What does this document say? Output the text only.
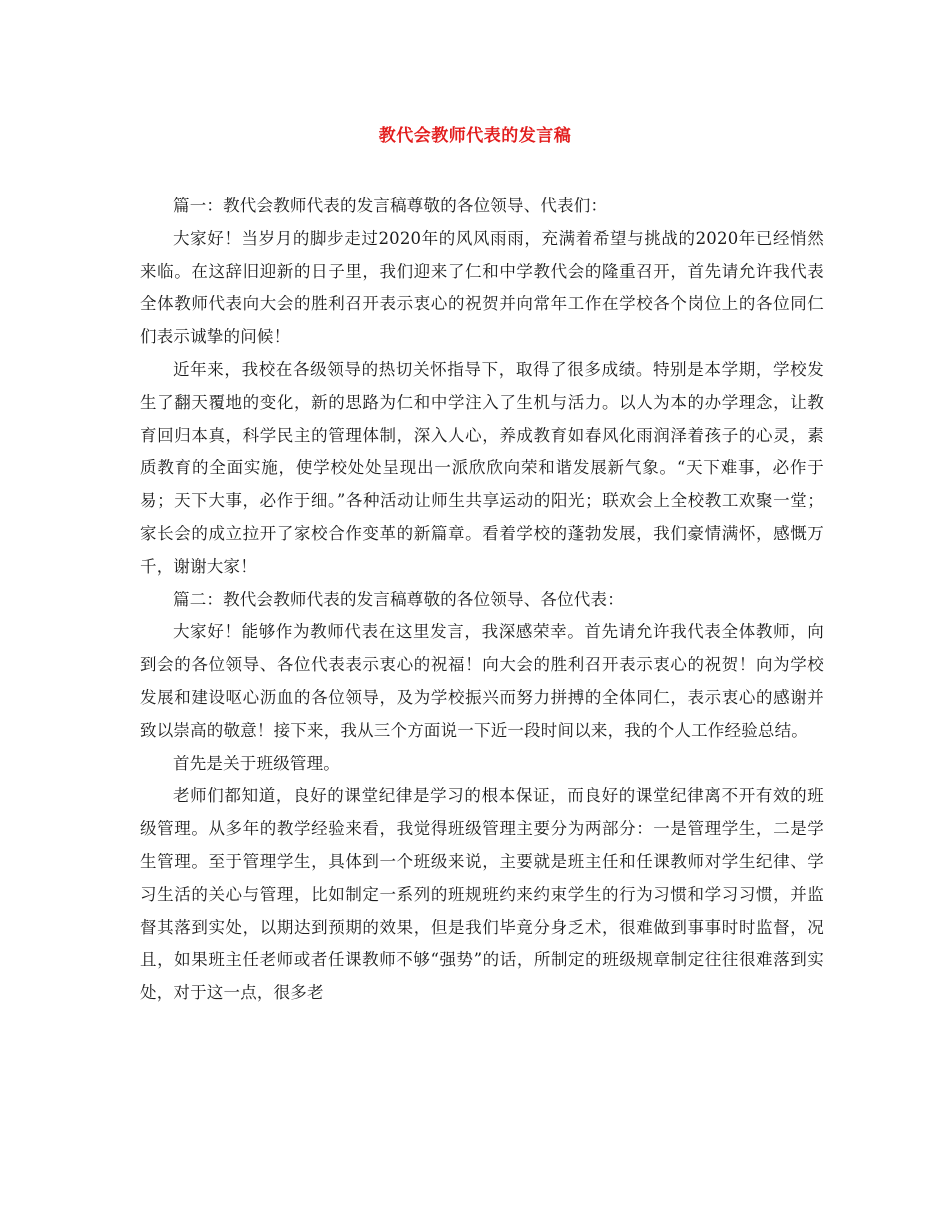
教代会教师代表的发言稿

篇一：教代会教师代表的发言稿尊敬的各位领导、代表们：

大家好！当岁月的脚步走过2020年的风风雨雨，充满着希望与挑战的2020年已经悄然来临。在这辞旧迎新的日子里，我们迎来了仁和中学教代会的隆重召开，首先请允许我代表全体教师代表向大会的胜利召开表示衷心的祝贺并向常年工作在学校各个岗位上的各位同仁们表示诚挚的问候！

近年来，我校在各级领导的热切关怀指导下，取得了很多成绩。特别是本学期，学校发生了翻天覆地的变化，新的思路为仁和中学注入了生机与活力。以人为本的办学理念，让教育回归本真，科学民主的管理体制，深入人心，养成教育如春风化雨润泽着孩子的心灵，素质教育的全面实施，使学校处处呈现出一派欣欣向荣和谐发展新气象。“天下难事，必作于易；天下大事，必作于细。”各种活动让师生共享运动的阳光；联欢会上全校教工欢聚一堂；家长会的成立拉开了家校合作变革的新篇章。看着学校的蓬勃发展，我们豪情满怀，感慨万千，谢谢大家！

篇二：教代会教师代表的发言稿尊敬的各位领导、各位代表：

大家好！能够作为教师代表在这里发言，我深感荣幸。首先请允许我代表全体教师，向到会的各位领导、各位代表表示衷心的祝福！向大会的胜利召开表示衷心的祝贺！向为学校发展和建设呕心沥血的各位领导，及为学校振兴而努力拼搏的全体同仁，表示衷心的感谢并致以崇高的敬意！接下来，我从三个方面说一下近一段时间以来，我的个人工作经验总结。

首先是关于班级管理。

老师们都知道，良好的课堂纪律是学习的根本保证，而良好的课堂纪律离不开有效的班级管理。从多年的教学经验来看，我觉得班级管理主要分为两部分：一是管理学生，二是学生管理。至于管理学生，具体到一个班级来说，主要就是班主任和任课教师对学生纪律、学习生活的关心与管理，比如制定一系列的班规班约来约束学生的行为习惯和学习习惯，并监督其落到实处，以期达到预期的效果，但是我们毕竟分身乏术，很难做到事事时时监督，况且，如果班主任老师或者任课教师不够“强势”的话，所制定的班级规章制定往往很难落到实处，对于这一点，很多老
